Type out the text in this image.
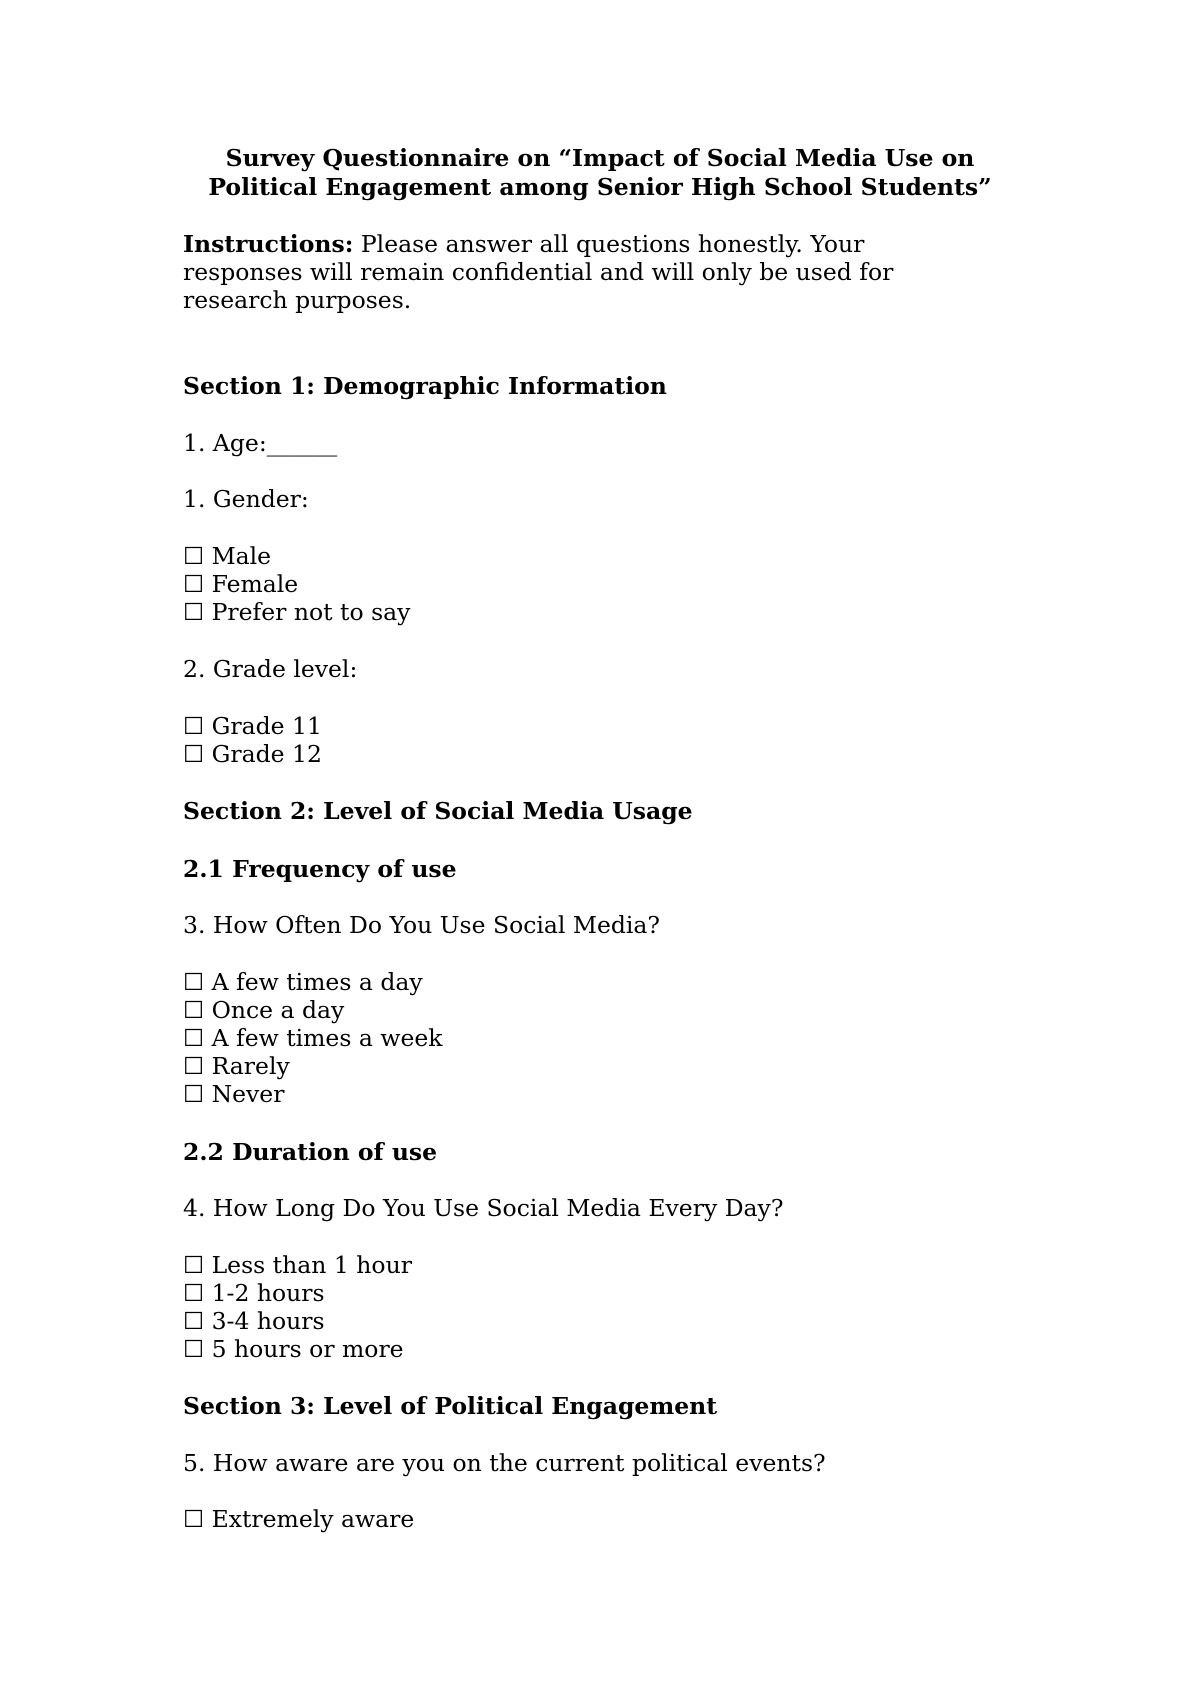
Survey Questionnaire on “Impact of Social Media Use on
Political Engagement among Senior High School Students”
Instructions: Please answer all questions honestly. Your
responses will remain confidential and will only be used for
research purposes.
Section 1: Demographic Information
1. Age:______
1. Gender:
☐ Male
☐ Female
☐ Prefer not to say
2. Grade level:
☐ Grade 11
☐ Grade 12
Section 2: Level of Social Media Usage
2.1 Frequency of use
3. How Often Do You Use Social Media?
☐ A few times a day
☐ Once a day
☐ A few times a week
☐ Rarely
☐ Never
2.2 Duration of use
4. How Long Do You Use Social Media Every Day?
☐ Less than 1 hour
☐ 1-2 hours
☐ 3-4 hours
☐ 5 hours or more
Section 3: Level of Political Engagement
5. How aware are you on the current political events?
☐ Extremely aware
